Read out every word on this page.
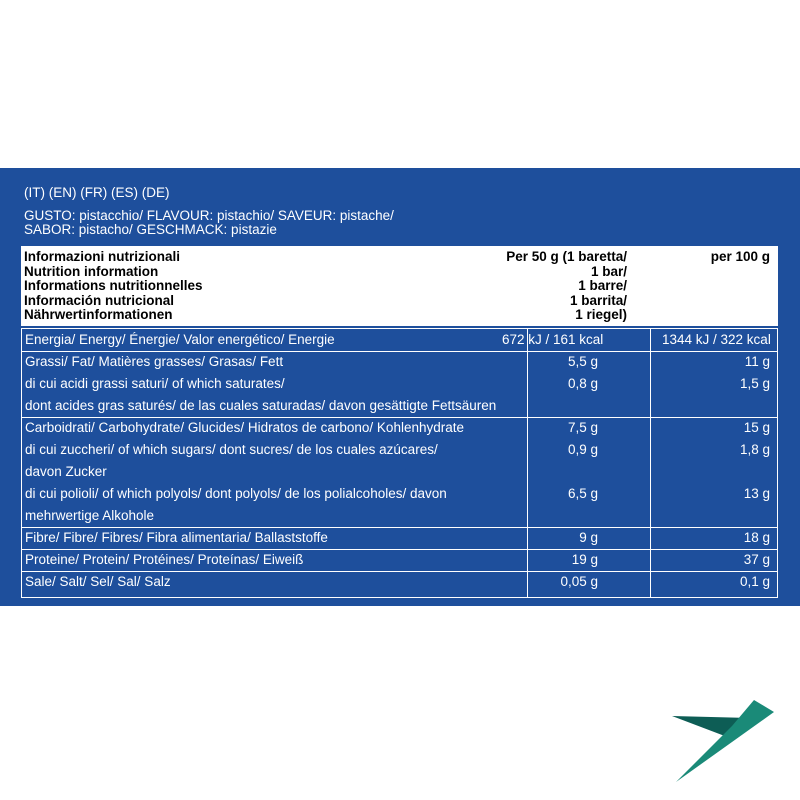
(IT) (EN) (FR) (ES) (DE)
GUSTO: pistacchio/ FLAVOUR: pistachio/ SAVEUR: pistache/
SABOR: pistacho/ GESCHMACK: pistazie
Informazioni nutrizionali
Nutrition information
Informations nutritionnelles
Información nutricional
Nährwertinformationen
Per 50 g (1 baretta/
1 bar/
1 barre/
1 barrita/
1 riegel)
per 100 g
Energia/ Energy/ Énergie/ Valor energético/ Energie	672 kJ / 161 kcal	1344 kJ / 322 kcal
Grassi/ Fat/ Matières grasses/ Grasas/ Fett	5,5 g	11 g
di cui acidi grassi saturi/ of which saturates/	0,8 g	1,5 g
dont acides gras saturés/ de las cuales saturadas/ davon gesättigte Fettsäuren
Carboidrati/ Carbohydrate/ Glucides/ Hidratos de carbono/ Kohlenhydrate	7,5 g	15 g
di cui zuccheri/ of which sugars/ dont sucres/ de los cuales azúcares/	0,9 g	1,8 g
davon Zucker
di cui polioli/ of which polyols/ dont polyols/ de los polialcoholes/ davon	6,5 g	13 g
mehrwertige Alkohole
Fibre/ Fibre/ Fibres/ Fibra alimentaria/ Ballaststoffe	9 g	18 g
Proteine/ Protein/ Protéines/ Proteínas/ Eiweiß	19 g	37 g
Sale/ Salt/ Sel/ Sal/ Salz	0,05 g	0,1 g
